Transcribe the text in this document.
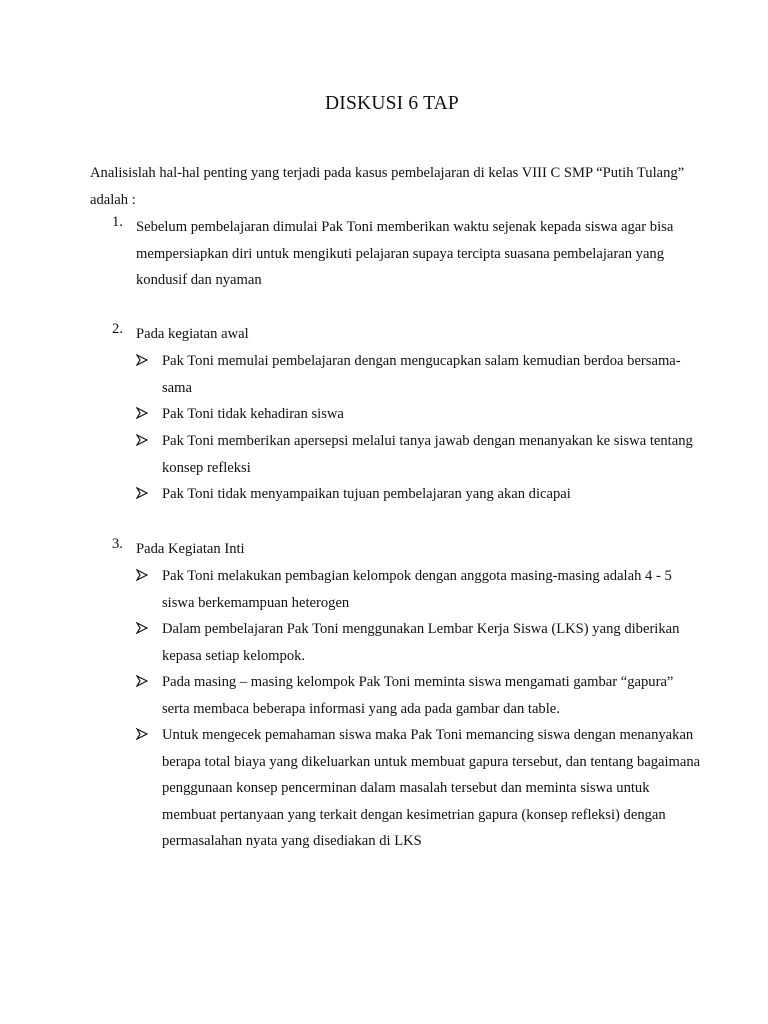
DISKUSI 6 TAP
Analisislah hal-hal penting yang terjadi pada kasus pembelajaran di kelas VIII C SMP “Putih Tulang” adalah :
1. Sebelum pembelajaran dimulai Pak Toni memberikan waktu sejenak kepada siswa agar bisa mempersiapkan diri untuk mengikuti pelajaran supaya tercipta suasana pembelajaran yang kondusif dan nyaman
2. Pada kegiatan awal
Pak Toni memulai pembelajaran dengan mengucapkan salam kemudian berdoa bersama-sama
Pak Toni tidak kehadiran siswa
Pak Toni memberikan apersepsi melalui tanya jawab dengan menanyakan ke siswa tentang konsep refleksi
Pak Toni tidak menyampaikan tujuan pembelajaran yang akan dicapai
3. Pada Kegiatan Inti
Pak Toni melakukan pembagian kelompok dengan anggota masing-masing adalah 4 - 5 siswa berkemampuan heterogen
Dalam pembelajaran Pak Toni menggunakan Lembar Kerja Siswa (LKS) yang diberikan kepasa setiap kelompok.
Pada masing – masing kelompok Pak Toni meminta siswa mengamati gambar “gapura” serta membaca beberapa informasi yang ada pada gambar dan table.
Untuk mengecek pemahaman siswa maka Pak Toni memancing siswa dengan menanyakan berapa total biaya yang dikeluarkan untuk membuat gapura tersebut, dan tentang bagaimana penggunaan konsep pencerminan dalam masalah tersebut dan meminta siswa untuk membuat pertanyaan yang terkait dengan kesimetrian gapura (konsep refleksi) dengan permasalahan nyata yang disediakan di LKS
